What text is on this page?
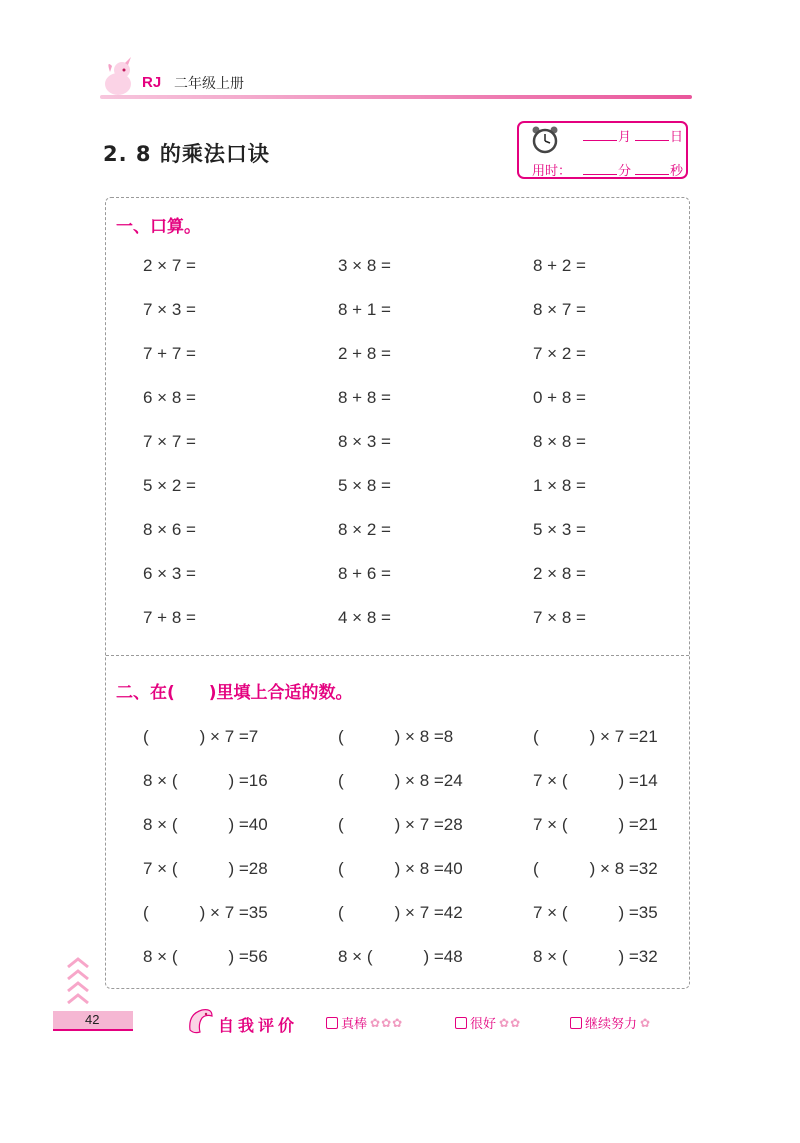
RJ 二年级上册
2. 8 的乘法口诀
月	日
用时：	分	秒
一、口算。
二、在(　　)里填上合适的数。
2 × 7 =	3 × 8 =	8 + 2 =
7 × 3 =	8 + 1 =	8 × 7 =
7 + 7 =	2 + 8 =	7 × 2 =
6 × 8 =	8 + 8 =	0 + 8 =
7 × 7 =	8 × 3 =	8 × 8 =
5 × 2 =	5 × 8 =	1 × 8 =
8 × 6 =	8 × 2 =	5 × 3 =
6 × 3 =	8 + 6 =	2 × 8 =
7 + 8 =	4 × 8 =	7 × 8 =
(　　　) × 7 =7	(　　　) × 8 =8	(　　　) × 7 =21
8 × (　　　) =16	(　　　) × 8 =24	7 × (　　　) =14
8 × (　　　) =40	(　　　) × 7 =28	7 × (　　　) =21
7 × (　　　) =28	(　　　) × 8 =40	(　　　) × 8 =32
(　　　) × 7 =35	(　　　) × 7 =42	7 × (　　　) =35
8 × (　　　) =56	8 × (　　　) =48	8 × (　　　) =32
42	自我评价	真棒 ✿✿✿	很好 ✿✿	继续努力 ✿
